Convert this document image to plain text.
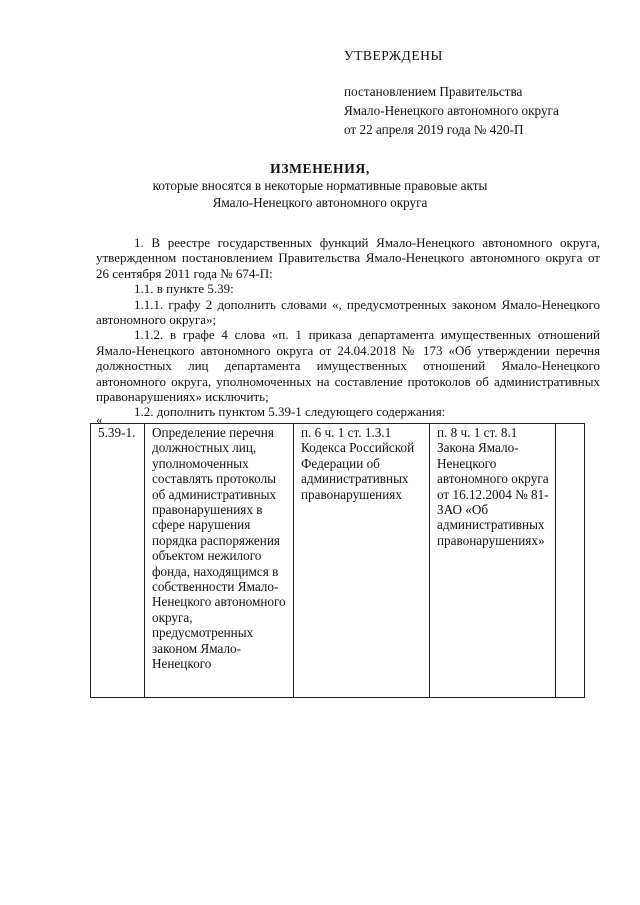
УТВЕРЖДЕНЫ
постановлением Правительства
Ямало-Ненецкого автономного округа
от 22 апреля 2019 года № 420-П
ИЗМЕНЕНИЯ,
которые вносятся в некоторые нормативные правовые акты
Ямало-Ненецкого автономного округа
1. В реестре государственных функций Ямало-Ненецкого автономного округа, утвержденном постановлением Правительства Ямало-Ненецкого автономного округа от 26 сентября 2011 года № 674-П:
1.1. в пункте 5.39:
1.1.1. графу 2 дополнить словами «, предусмотренных законом Ямало-Ненецкого автономного округа»;
1.1.2. в графе 4 слова «п. 1 приказа департамента имущественных отношений Ямало-Ненецкого автономного округа от 24.04.2018 № 173 «Об утверждении перечня должностных лиц департамента имущественных отношений Ямало-Ненецкого автономного округа, уполномоченных на составление протоколов об административных правонарушениях» исключить;
1.2. дополнить пунктом 5.39-1 следующего содержания:
«
5.39-1.	Определение перечня должностных лиц, уполномоченных составлять протоколы об административных правонарушениях в сфере нарушения порядка распоряжения объектом нежилого фонда, находящимся в собственности Ямало-Ненецкого автономного округа, предусмотренных законом Ямало-Ненецкого	п. 6 ч. 1 ст. 1.3.1 Кодекса Российской Федерации об административных правонарушениях	п. 8 ч. 1 ст. 8.1 Закона Ямало-Ненецкого автономного округа от 16.12.2004 № 81-ЗАО «Об административных правонарушениях»	
